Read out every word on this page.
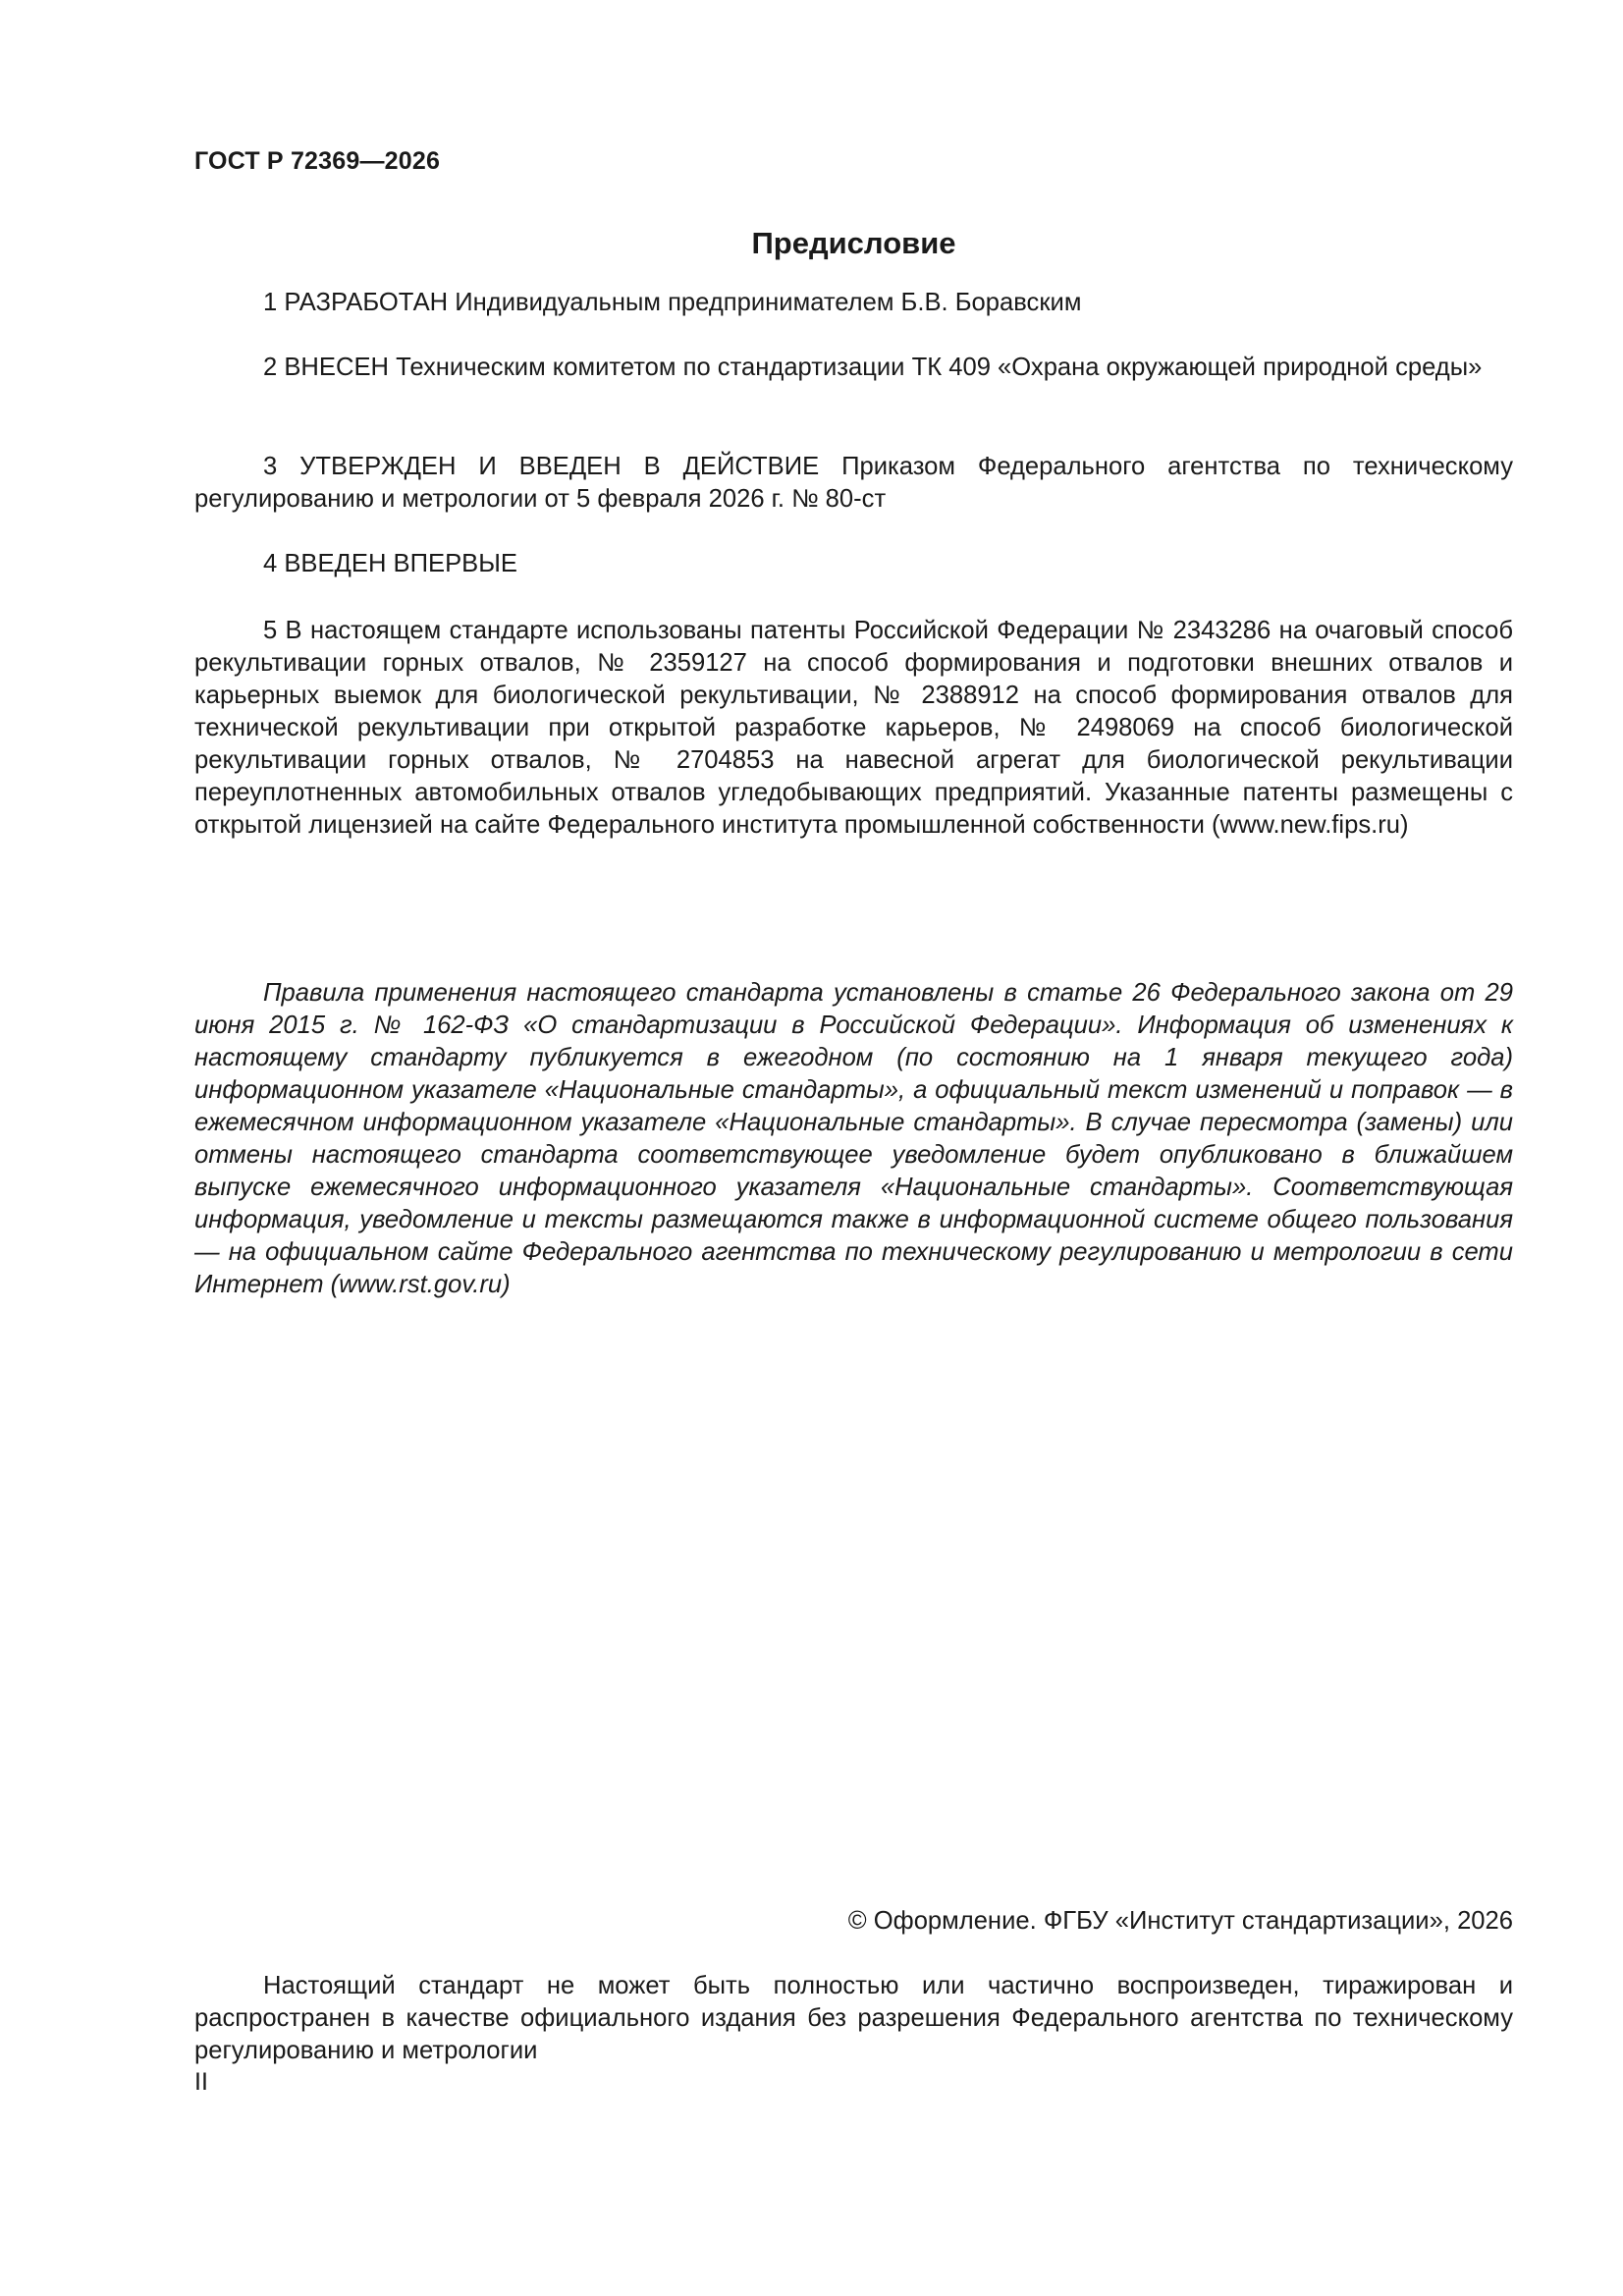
ГОСТ Р 72369—2026
Предисловие

1 РАЗРАБОТАН Индивидуальным предпринимателем Б.В. Боравским

2 ВНЕСЕН Техническим комитетом по стандартизации ТК 409 «Охрана окружающей природной среды»

3 УТВЕРЖДЕН И ВВЕДЕН В ДЕЙСТВИЕ Приказом Федерального агентства по техническому регулированию и метрологии от 5 февраля 2026 г. № 80-ст

4 ВВЕДЕН ВПЕРВЫЕ

5 В настоящем стандарте использованы патенты Российской Федерации № 2343286 на очаговый способ рекультивации горных отвалов, № 2359127 на способ формирования и подготовки внешних отвалов и карьерных выемок для биологической рекультивации, № 2388912 на способ формирования отвалов для технической рекультивации при открытой разработке карьеров, № 2498069 на способ биологической рекультивации горных отвалов, № 2704853 на навесной агрегат для биологической рекультивации переуплотненных автомобильных отвалов угледобывающих предприятий. Указанные патенты размещены с открытой лицензией на сайте Федерального института промышленной собственности (www.new.fips.ru)

Правила применения настоящего стандарта установлены в статье 26 Федерального закона от 29 июня 2015 г. № 162-ФЗ «О стандартизации в Российской Федерации». Информация об изменениях к настоящему стандарту публикуется в ежегодном (по состоянию на 1 января текущего года) информационном указателе «Национальные стандарты», а официальный текст изменений и поправок — в ежемесячном информационном указателе «Национальные стандарты». В случае пересмотра (замены) или отмены настоящего стандарта соответствующее уведомление будет опубликовано в ближайшем выпуске ежемесячного информационного указателя «Национальные стандарты». Соответствующая информация, уведомление и тексты размещаются также в информационной системе общего пользования — на официальном сайте Федерального агентства по техническому регулированию и метрологии в сети Интернет (www.rst.gov.ru)

© Оформление. ФГБУ «Институт стандартизации», 2026

Настоящий стандарт не может быть полностью или частично воспроизведен, тиражирован и распространен в качестве официального издания без разрешения Федерального агентства по техническому регулированию и метрологии

II
